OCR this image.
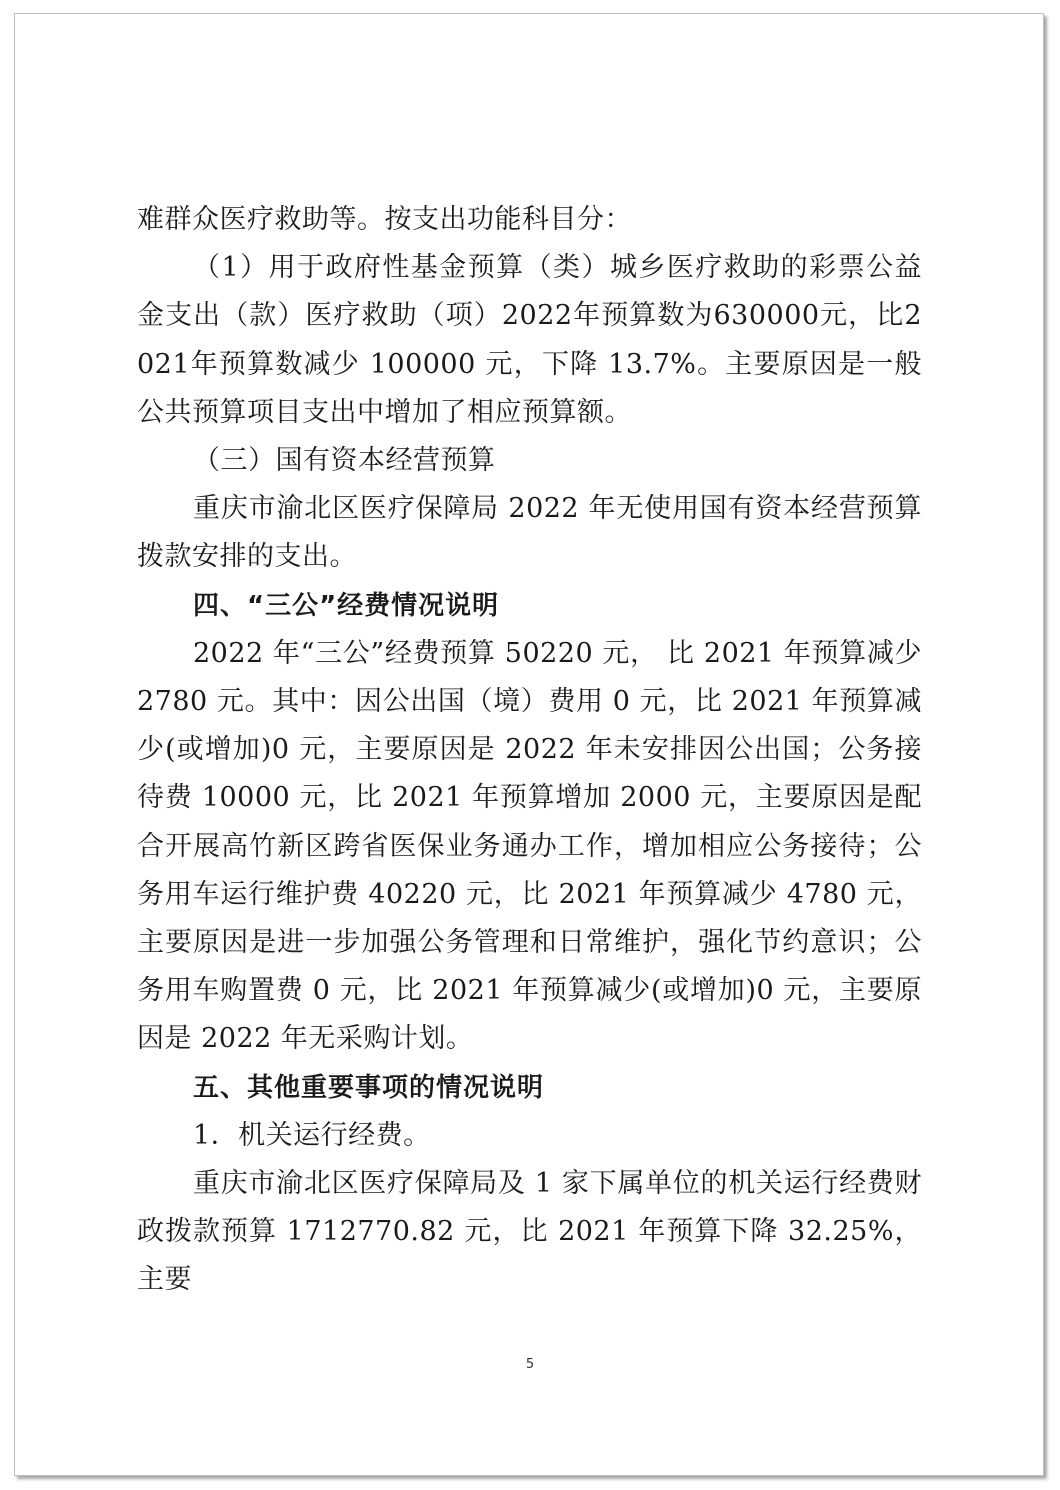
难群众医疗救助等。按支出功能科目分：

（1）用于政府性基金预算（类）城乡医疗救助的彩票公益金支出（款）医疗救助（项）2022年预算数为630000元，比2021年预算数减少 100000 元，下降 13.7%。主要原因是一般公共预算项目支出中增加了相应预算额。

（三）国有资本经营预算

重庆市渝北区医疗保障局 2022 年无使用国有资本经营预算拨款安排的支出。

四、“三公”经费情况说明

2022 年“三公”经费预算 50220 元， 比 2021 年预算减少 2780 元。其中：因公出国（境）费用 0 元，比 2021 年预算减少(或增加)0 元，主要原因是 2022 年未安排因公出国；公务接待费 10000 元，比 2021 年预算增加 2000 元，主要原因是配合开展高竹新区跨省医保业务通办工作，增加相应公务接待；公务用车运行维护费 40220 元，比 2021 年预算减少 4780 元，主要原因是进一步加强公务管理和日常维护，强化节约意识；公务用车购置费 0 元，比 2021 年预算减少(或增加)0 元，主要原因是 2022 年无采购计划。

五、其他重要事项的情况说明

1．机关运行经费。

重庆市渝北区医疗保障局及 1 家下属单位的机关运行经费财政拨款预算 1712770.82 元，比 2021 年预算下降 32.25%，主要

5
